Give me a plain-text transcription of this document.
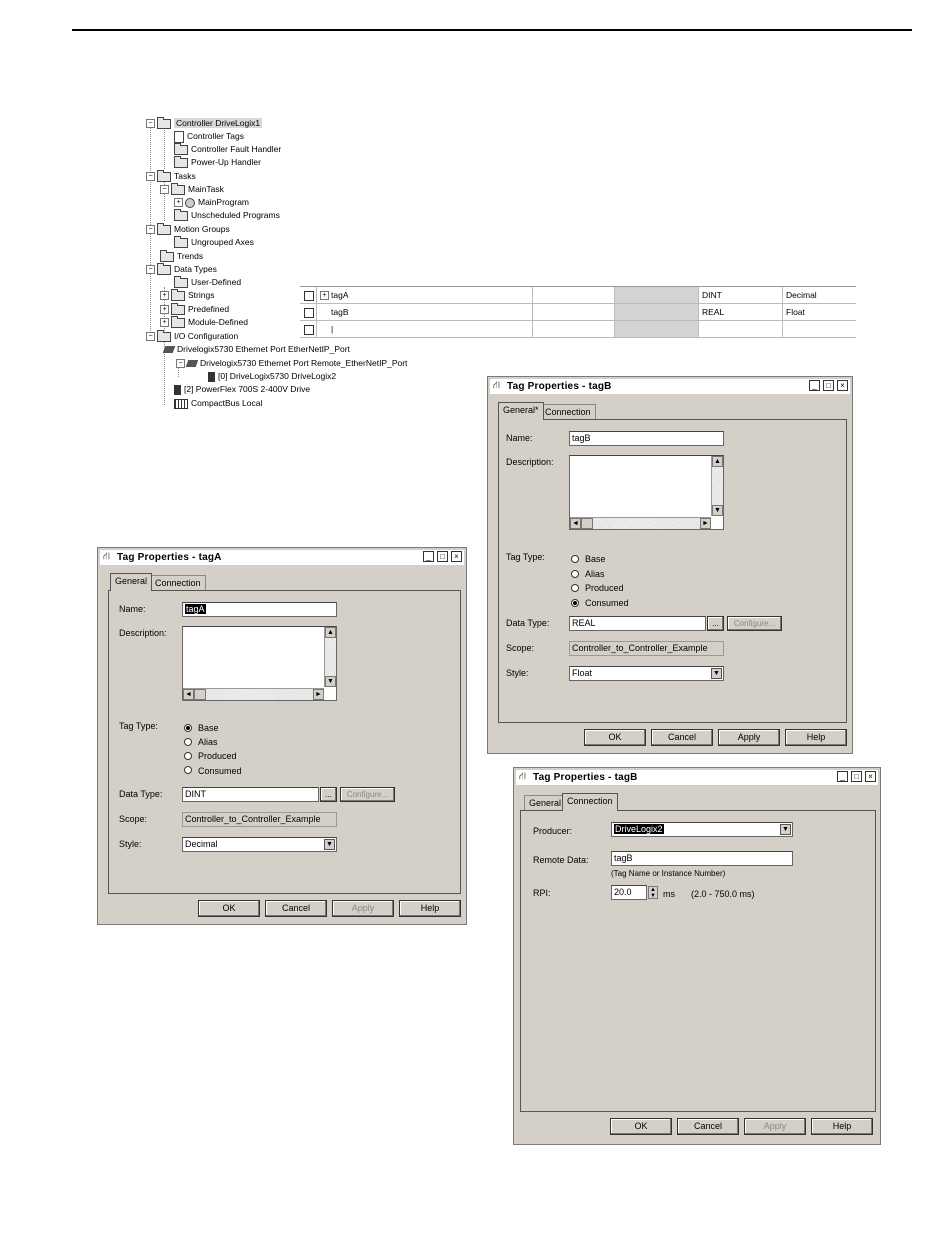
−	Controller DriveLogix1
Controller Tags
Controller Fault Handler
Power-Up Handler
−	Tasks
−	MainTask
+ MainProgram
Unscheduled Programs
−	Motion Groups
Ungrouped Axes
Trends
−	Data Types
User-Defined
+	Strings
+	Predefined
+	Module-Defined
−	I/O Configuration
Drivelogix5730 Ethernet Port EtherNetIP_Port
− Drivelogix5730 Ethernet Port Remote_EtherNetIP_Port
[0] DriveLogix5730 DriveLogix2
[2] PowerFlex 700S 2-400V Drive
CompactBus Local
+ tagA	DINT	Decimal
tagB	REAL	Float
|
⛙ Tag Properties - tagA	_	□	×
General Connection
Name:	tagA
Description:	▲
▼
◄	►
Tag Type:	Base
Alias
Produced
Consumed
Data Type:	DINT	...	Configure...
Scope:	Controller_to_Controller_Example
Style:	Decimal	▼
OK	Cancel	Apply	Help
⛙ Tag Properties - tagB	_	□	×
General* Connection
Name:	tagB
Description:	▲
▼
◄	►
Tag Type:	Base
Alias
Produced
Consumed
Data Type:	REAL	...	Configure...
Scope:	Controller_to_Controller_Example
Style:	Float	▼
OK	Cancel	Apply	Help
⛙ Tag Properties - tagB	_	□	×
General Connection
Producer:	DriveLogix2	▼
Remote Data:	tagB
(Tag Name or Instance Number)
RPI:	20.0	▲
▼ ms (2.0 - 750.0 ms)
OK	Cancel	Apply	Help
